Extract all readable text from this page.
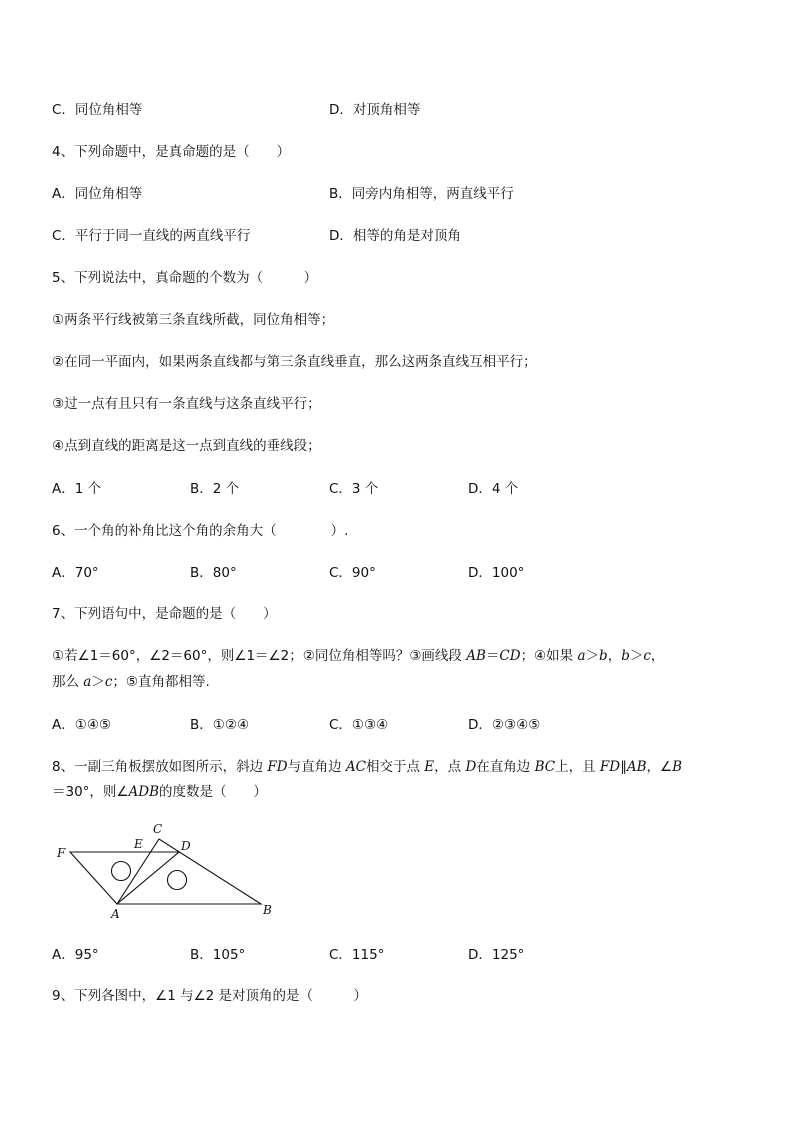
C．同位角相等	D．对顶角相等
4、下列命题中，是真命题的是（　　）
A．同位角相等	B．同旁内角相等，两直线平行
C．平行于同一直线的两直线平行	D．相等的角是对顶角
5、下列说法中，真命题的个数为（　　　）
①两条平行线被第三条直线所截，同位角相等；
②在同一平面内，如果两条直线都与第三条直线垂直，那么这两条直线互相平行；
③过一点有且只有一条直线与这条直线平行；
④点到直线的距离是这一点到直线的垂线段；
A．1 个	B．2 个	C．3 个	D．4 个
6、一个角的补角比这个角的余角大（　　　　）.
A．70°	B．80°	C．90°	D．100°
7、下列语句中，是命题的是（　　）
①若∠1＝60°，∠2＝60°，则∠1＝∠2；②同位角相等吗？③画线段 AB＝CD；④如果 a＞b，b＞c，
那么 a＞c；⑤直角都相等.
A．①④⑤	B．①②④	C．①③④	D．②③④⑤
8、一副三角板摆放如图所示，斜边 FD与直角边 AC相交于点 E，点 D在直角边 BC上，且 FD∥AB，∠B
＝30°，则∠ADB的度数是（　　）
F
E
C
D
A	B
A．95°	B．105°	C．115°	D．125°
9、下列各图中，∠1 与∠2 是对顶角的是（　　　）
